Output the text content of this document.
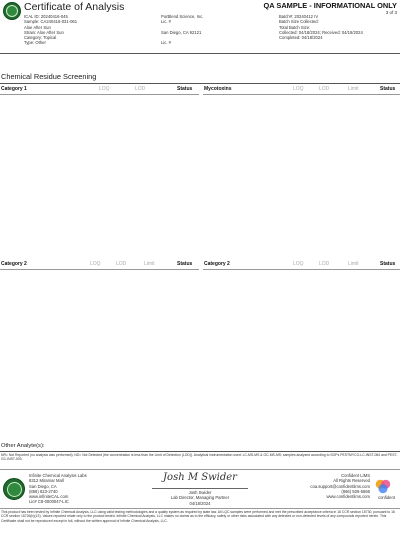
Certificate of Analysis	QA SAMPLE - INFORMATIONAL ONLY
3 of 3
ICAL ID: 20240416-045
Sample: CA240416-031-061
Aloe After Sun
Strain: Aloe After Sun
Category: Topical
Type: Other
PurBlend Science, Inc.
Lic. #
San Diego, CA 92121
Lic. #
Batch#: 20240412 IV
Batch Size Collected:
Total Batch Size:
Collected: 04/18/2024; Received: 04/18/2024
Completed: 04/18/2024
Chemical Residue Screening
Category 1	LOQ	LOD	Status Mycotoxins	LOQ	LOD	Limit	Status
Category 2	LOQ	LOD	Limit	Status Category 2	LOQ	LOD	Limit	Status
Other Analyte(s):
NR= Not Reported (no analysis was performed); ND= Not Detected (the concentration is less than the Limit of Detection (LOD)). Analytical instrumentation used: LC-MS-MS & GC-MS-MS; samples analyzed according to SOPs PESTMYCO-LC-INST-084 and PEST-GC-INST-003.
Infinite Chemical Analysis Labs
8312 Miramar Mall
San Diego, CA
(858) 623-2740
www.infiniteCAL.com
Lic# C8-0000047-LIC
Josh M Swider
Josh Swider
Lab Director, Managing Partner
04/18/2024
Confident LIMS
All Rights Reserved
coa.support@confidentlims.com
(866) 506-5866
www.confidentlims.com confident
This product has been tested by Infinite Chemical Analysis, LLC using valid testing methodologies and a quality system as required by state law. All LQC samples were performed and met the prescribed acceptance criteria in 16 CCR section 15730, pursuant to 16 CCR section 15726(b)(13). Values reported relate only to the product tested. Infinite Chemical Analysis, LLC makes no claims as to the efficacy, safety or other risks associated with any detected or non-detected levels of any compounds reported herein. This Certificate shall not be reproduced except in full, without the written approval of Infinite Chemical Analysis, LLC.
